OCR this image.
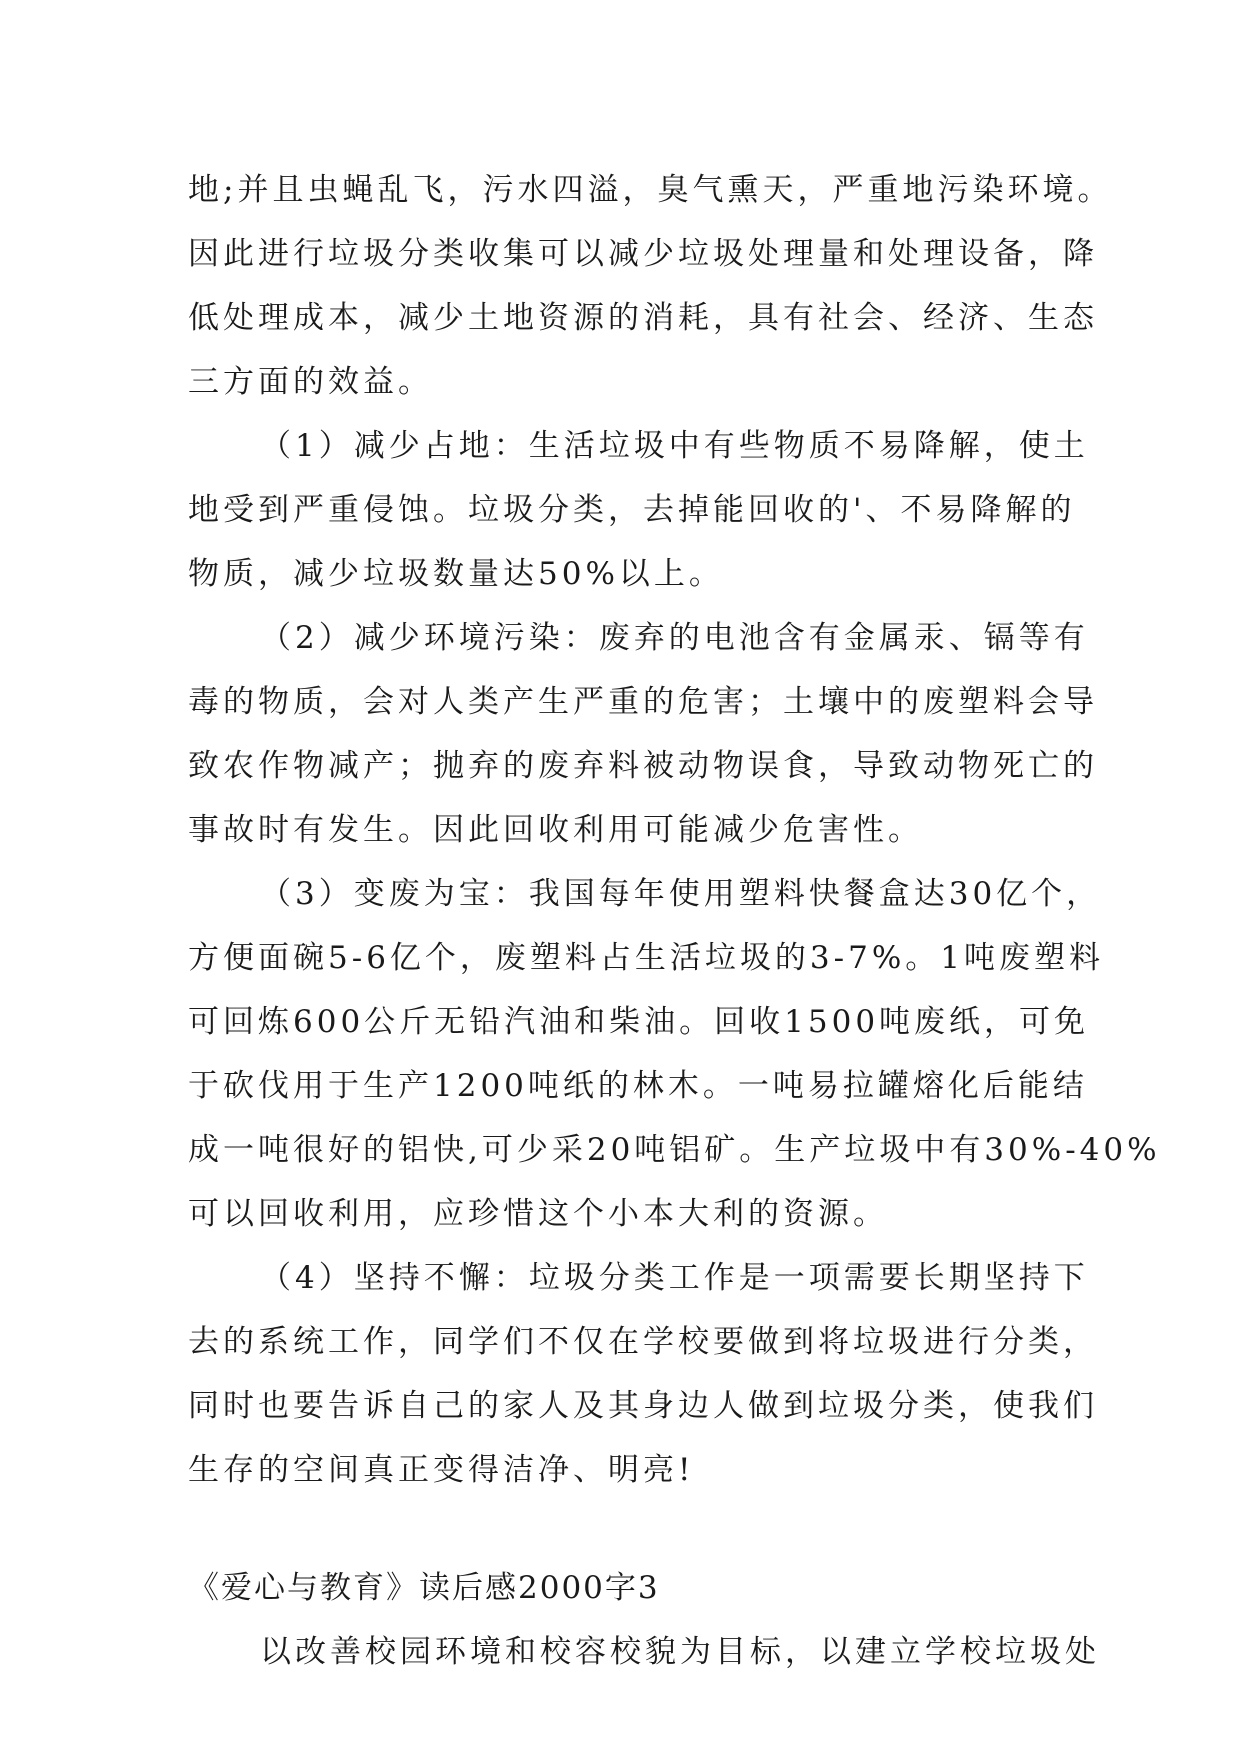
地;并且虫蝇乱飞，污水四溢，臭气熏天，严重地污染环境。
因此进行垃圾分类收集可以减少垃圾处理量和处理设备，降
低处理成本，减少土地资源的消耗，具有社会、经济、生态
三方面的效益。
（1）减少占地：生活垃圾中有些物质不易降解，使土
地受到严重侵蚀。垃圾分类，去掉能回收的'、不易降解的
物质，减少垃圾数量达50%以上。
（2）减少环境污染：废弃的电池含有金属汞、镉等有
毒的物质，会对人类产生严重的危害；土壤中的废塑料会导
致农作物减产；抛弃的废弃料被动物误食，导致动物死亡的
事故时有发生。因此回收利用可能减少危害性。
（3）变废为宝：我国每年使用塑料快餐盒达30亿个，
方便面碗5-6亿个，废塑料占生活垃圾的3-7%。1吨废塑料
可回炼600公斤无铅汽油和柴油。回收1500吨废纸，可免
于砍伐用于生产1200吨纸的林木。一吨易拉罐熔化后能结
成一吨很好的铝快,可少采20吨铝矿。生产垃圾中有30%-40%
可以回收利用，应珍惜这个小本大利的资源。
（4）坚持不懈：垃圾分类工作是一项需要长期坚持下
去的系统工作，同学们不仅在学校要做到将垃圾进行分类，
同时也要告诉自己的家人及其身边人做到垃圾分类，使我们
生存的空间真正变得洁净、明亮!
《爱心与教育》读后感2000字3
以改善校园环境和校容校貌为目标，以建立学校垃圾处
